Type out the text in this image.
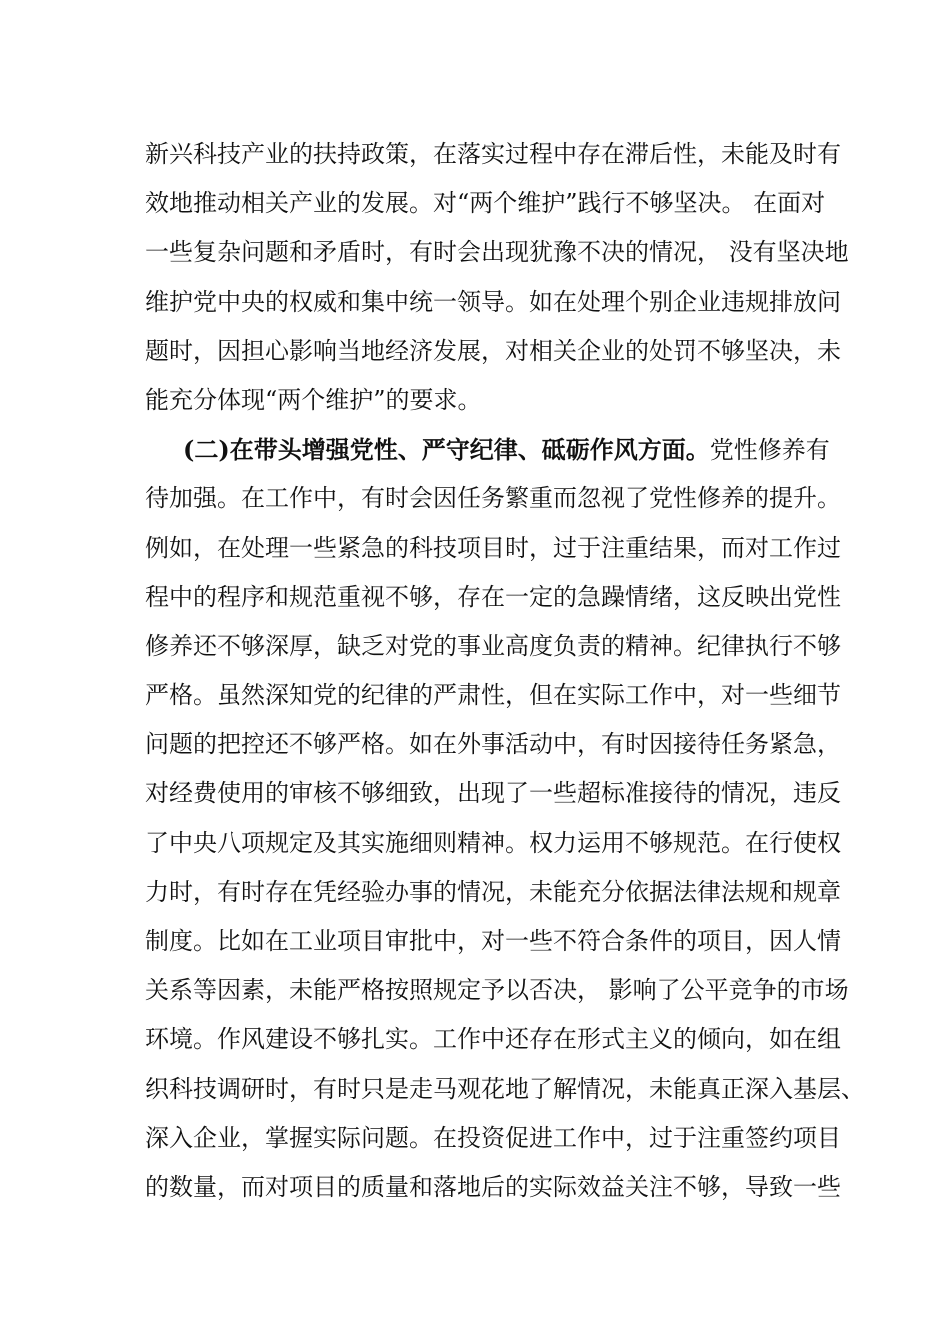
新兴科技产业的扶持政策，在落实过程中存在滞后性，未能及时有
效地推动相关产业的发展。对“两个维护”践行不够坚决。 在面对
一些复杂问题和矛盾时，有时会出现犹豫不决的情况， 没有坚决地
维护党中央的权威和集中统一领导。如在处理个别企业违规排放问
题时，因担心影响当地经济发展，对相关企业的处罚不够坚决，未
能充分体现“两个维护”的要求。
(二)在带头增强党性、严守纪律、砥砺作风方面。党性修养有
待加强。在工作中，有时会因任务繁重而忽视了党性修养的提升。
例如，在处理一些紧急的科技项目时，过于注重结果，而对工作过
程中的程序和规范重视不够，存在一定的急躁情绪，这反映出党性
修养还不够深厚，缺乏对党的事业高度负责的精神。纪律执行不够
严格。虽然深知党的纪律的严肃性，但在实际工作中，对一些细节
问题的把控还不够严格。如在外事活动中，有时因接待任务紧急，
对经费使用的审核不够细致，出现了一些超标准接待的情况，违反
了中央八项规定及其实施细则精神。权力运用不够规范。在行使权
力时，有时存在凭经验办事的情况，未能充分依据法律法规和规章
制度。比如在工业项目审批中，对一些不符合条件的项目，因人情
关系等因素，未能严格按照规定予以否决， 影响了公平竞争的市场
环境。作风建设不够扎实。工作中还存在形式主义的倾向，如在组
织科技调研时，有时只是走马观花地了解情况，未能真正深入基层、
深入企业，掌握实际问题。在投资促进工作中，过于注重签约项目
的数量，而对项目的质量和落地后的实际效益关注不够，导致一些
